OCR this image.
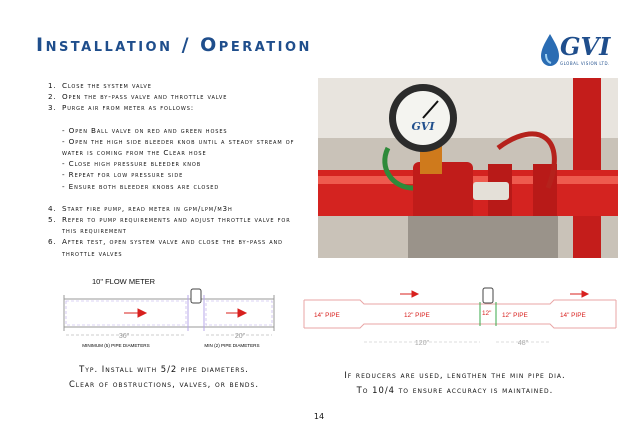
Installation / Operation	GVI
GLOBAL VISION LTD.
1. Close the system valve
2. Open the by-pass valve and throttle valve
3. Purge air from meter as follows:
- Open Ball valve on red and green hoses
- Open the high side bleeder knob until a steady stream of water is coming from the Clear hose
- Close high pressure bleeder knob
- Repeat for low pressure side
- Ensure both bleeder knobs are closed
4. Start fire pump, read meter in gpm/lpm/m3h
5. Refer to pump requirements and adjust throttle valve for this requirement
6. After test, open system valve and close the by-pass and throttle valves
GVI
10" FLOW METER
36"	20"
MINIMUM (5) PIPE DIAMETERS	MIN (2) PIPE DIAMETERS
14" PIPE	12" PIPE	12" 12" PIPE	14" PIPE
120"	48"
Typ. Install with 5/2 pipe diameters.
Clear of obstructions, valves, or bends.
If reducers are used, lengthen the min pipe dia.
To 10/4 to ensure accuracy is maintained.
14
